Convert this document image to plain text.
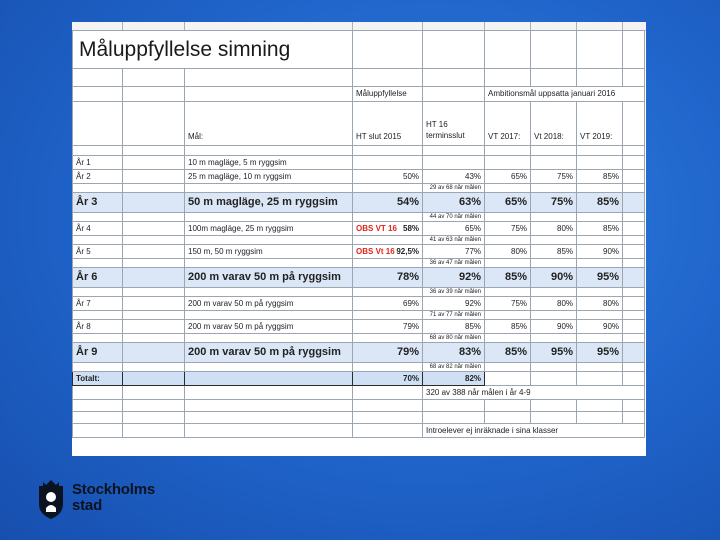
Måluppfyllelse simning								

			Måluppfyllelse		Ambitionsmål uppsatta januari 2016			
		Mål:	HT slut 2015	HT 16
terminsslut	VT 2017:	Vt 2018:	VT 2019:	

År 1		10 m magläge, 5 m ryggsim						
År 2		25 m magläge, 10 m ryggsim	50%	43%	65%	75%	85%	
				29 av 68 når målen				
År 3		50 m magläge, 25 m ryggsim	54%	63%	65%	75%	85%	
				44 av 70 når målen				
År 4		100m magläge, 25 m ryggsim	OBS VT 16 58%	65%	75%	80%	85%	
				41 av 63 når målen				
År 5		150 m, 50 m ryggsim	OBS Vt 16 92,5%	77%	80%	85%	90%	
				36 av 47 når målen				
År 6		200 m varav 50 m på ryggsim	78%	92%	85%	90%	95%	
				36 av 39 når målen				
År 7		200 m varav 50 m på ryggsim	69%	92%	75%	80%	80%	
				71 av 77 når målen				
År 8		200 m varav 50 m på ryggsim	79%	85%	85%	90%	90%	
				68 av 80 når målen				
År 9		200 m varav 50 m på ryggsim	79%	83%	85%	95%	95%	
				68 av 82 når målen				
Totalt:			70%	82%				
				320 av 388 når målen i år 4-9				

				Introelever ej inräknade i sina klasser				
Stockholms
stad
